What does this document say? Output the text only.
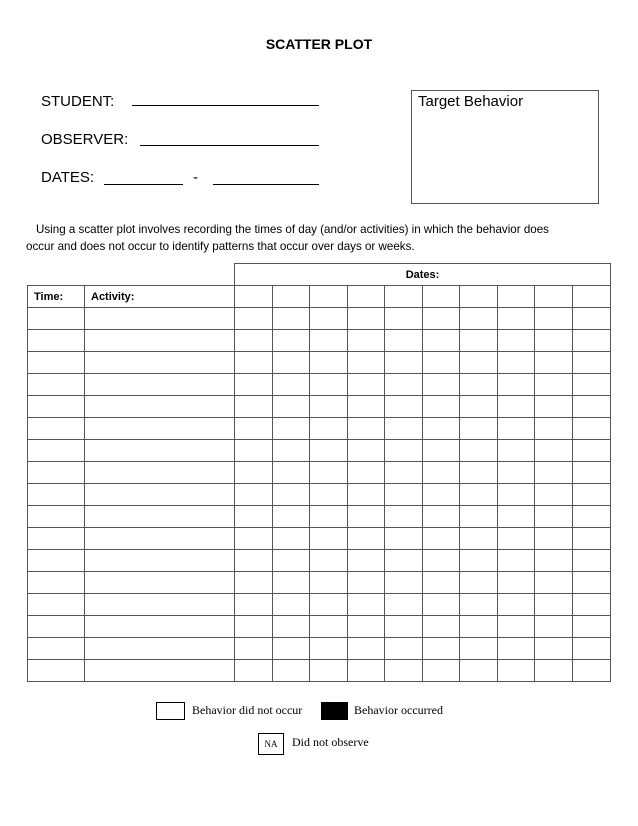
SCATTER PLOT
STUDENT:
OBSERVER:
DATES:	-
Target Behavior
Using a scatter plot involves recording the times of day (and/or activities) in which the behavior does
occur and does not occur to identify patterns that occur over days or weeks.
		Dates:									
Time:	Activity:										

Behavior did not occur	Behavior occurred
NA	Did not observe
